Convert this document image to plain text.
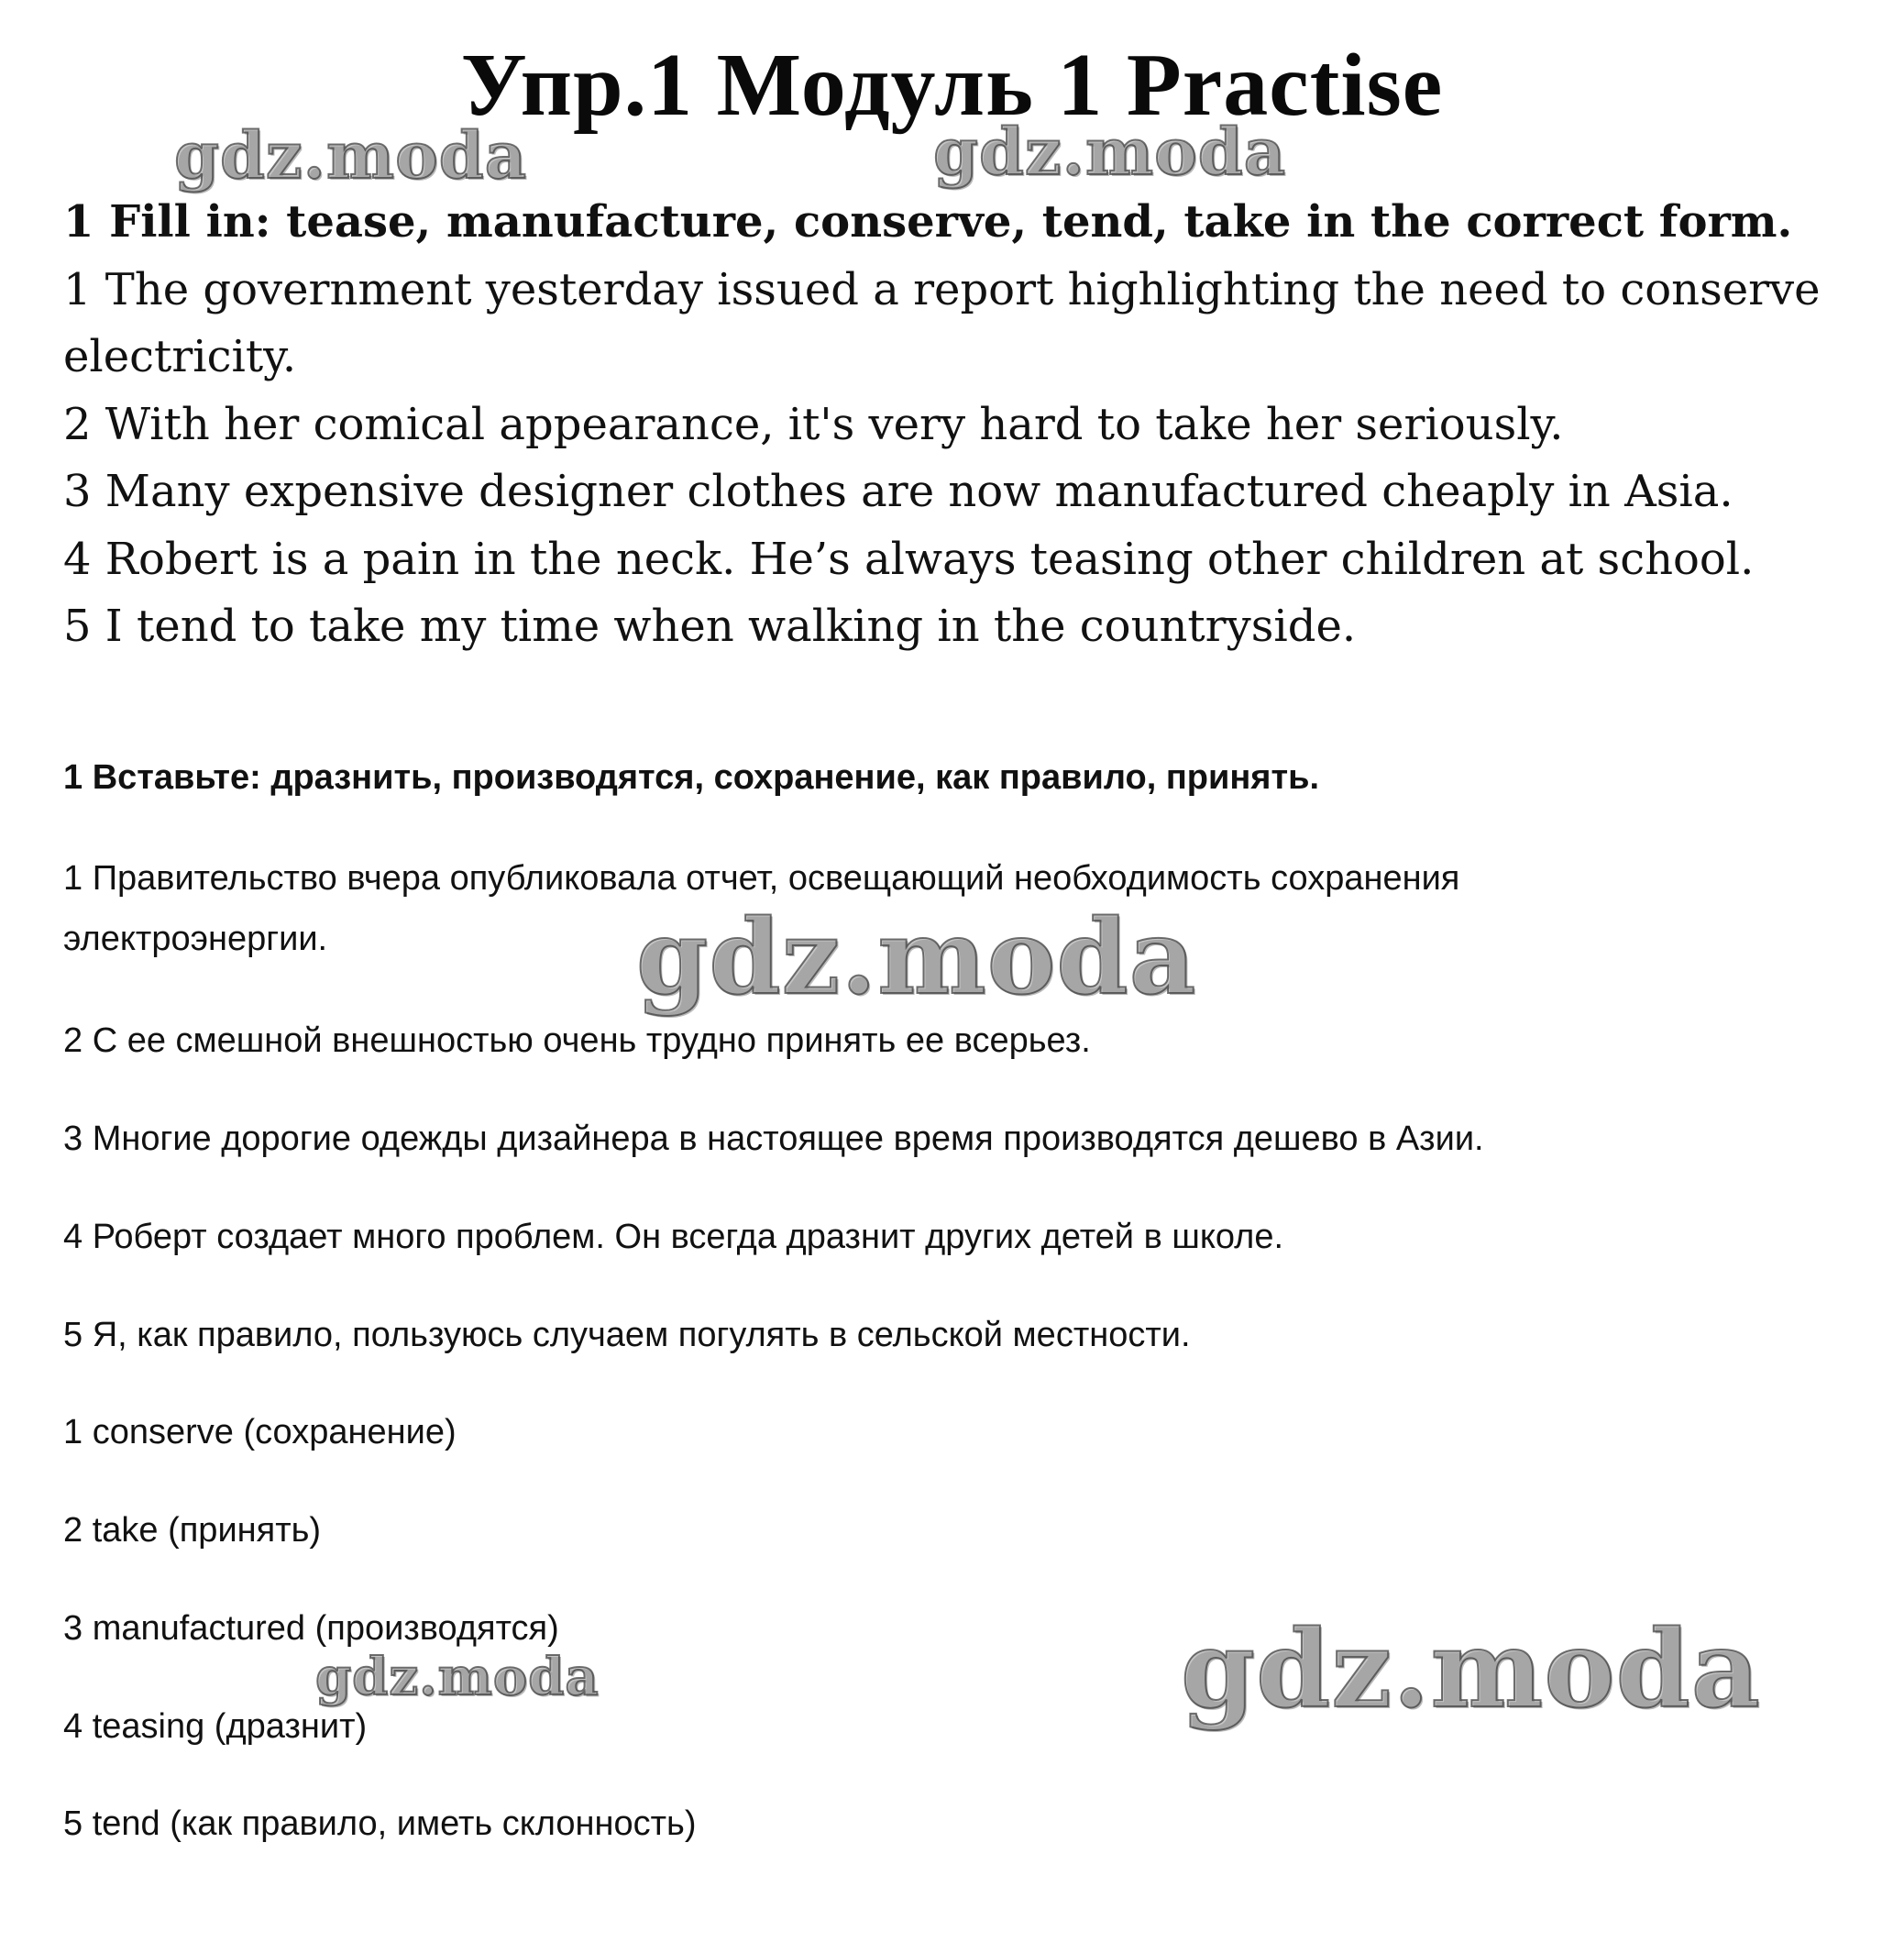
Упр.1 Модуль 1 Practise
gdz.moda	gdz.moda

1 Fill in: tease, manufacture, conserve, tend, take in the correct form.

1 The government yesterday issued a report highlighting the need to conserve electricity.

2 With her comical appearance, it's very hard to take her seriously.

3 Many expensive designer clothes are now manufactured cheaply in Asia.

4 Robert is a pain in the neck. He’s always teasing other children at school.

5 I tend to take my time when walking in the countryside.

1 Вставьте: дразнить, производятся, сохранение, как правило, принять.

1 Правительство вчера опубликовала отчет, освещающий необходимость сохранения электроэнергии.

2 С ее смешной внешностью очень трудно принять ее всерьез.

3 Многие дорогие одежды дизайнера в настоящее время производятся дешево в Азии.

4 Роберт создает много проблем. Он всегда дразнит других детей в школе.

5 Я, как правило, пользуюсь случаем погулять в сельской местности.

1 conserve (сохранение)

2 take (принять)

3 manufactured (производятся)

4 teasing (дразнит)

5 tend (как правило, иметь склонность)

gdz.moda
gdz.moda	gdz.moda
